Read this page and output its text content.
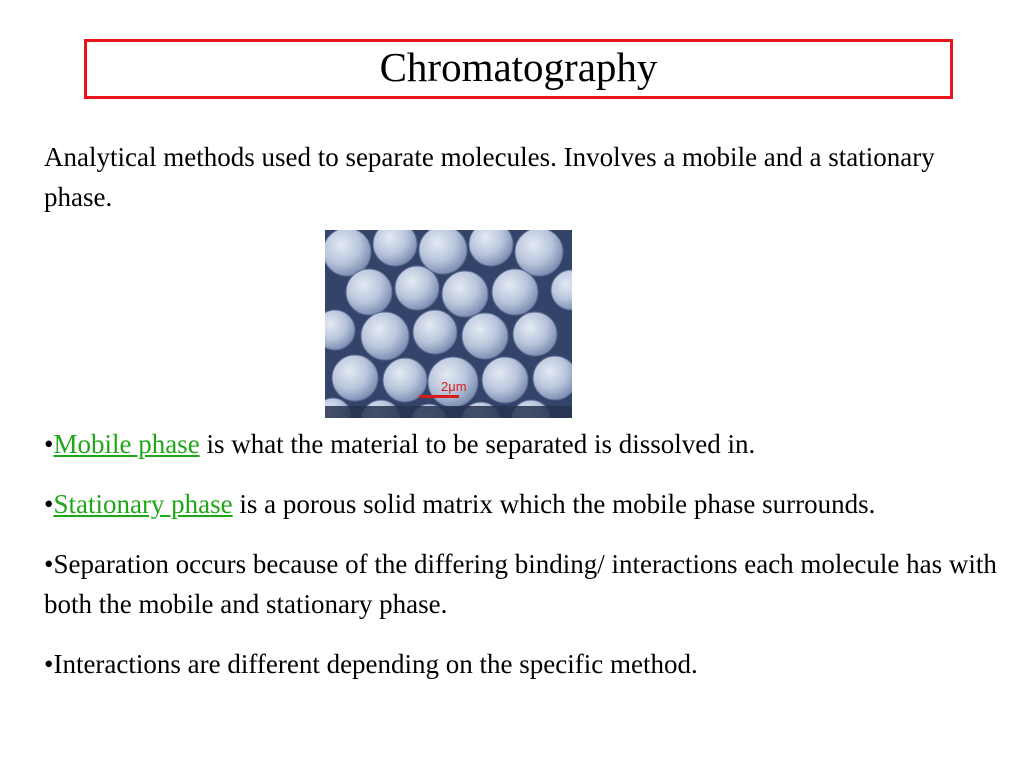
Chromatography

Analytical methods used to separate molecules. Involves a mobile and a stationary phase.

2μm
•Mobile phase is what the material to be separated is dissolved in.
•Stationary phase is a porous solid matrix which the mobile phase surrounds.
•Separation occurs because of the differing binding/ interactions each molecule has with both the mobile and stationary phase.
•Interactions are different depending on the specific method.
